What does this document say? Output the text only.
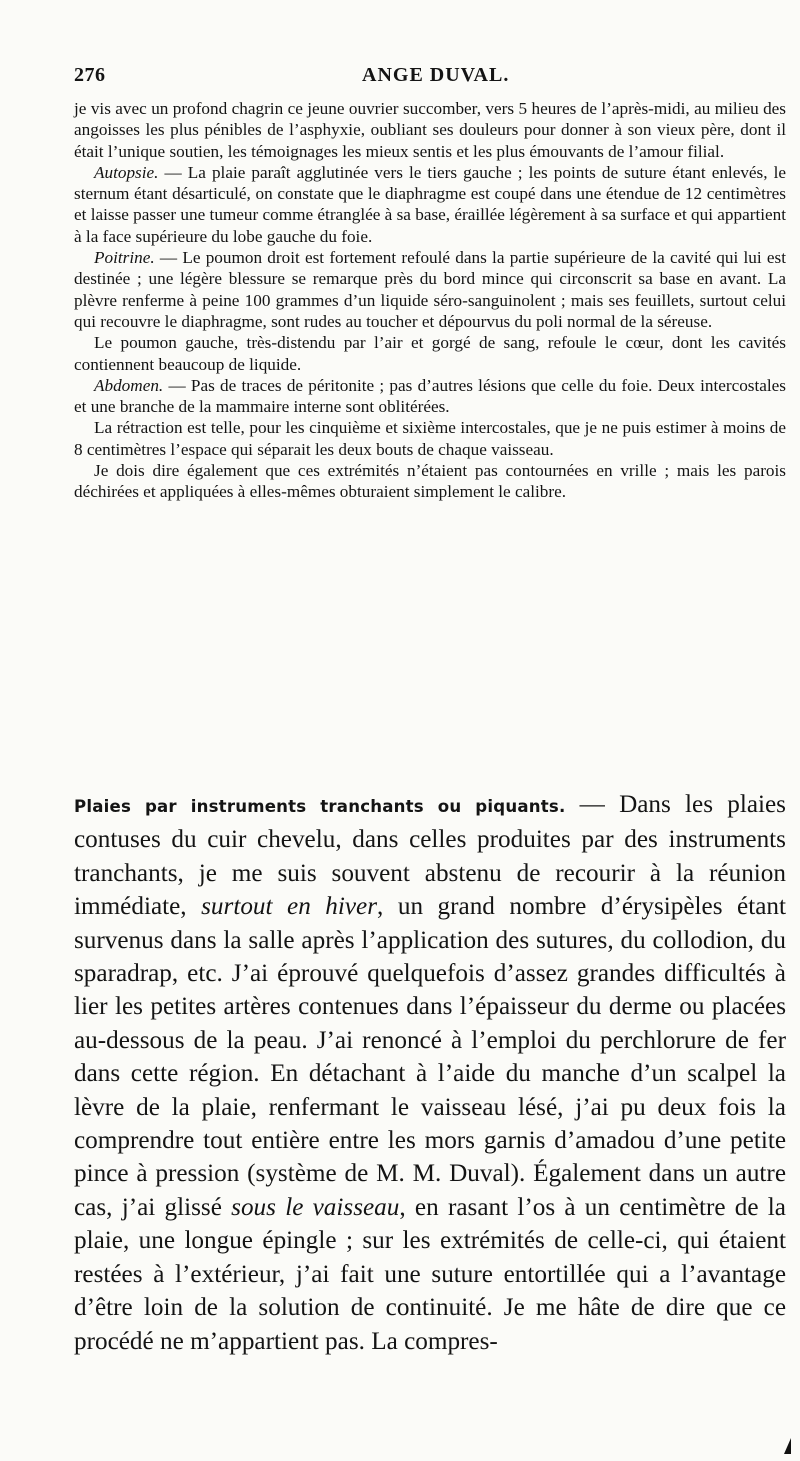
276	ANGE DUVAL.

je vis avec un profond chagrin ce jeune ouvrier succomber, vers 5 heures de l’après-midi, au milieu des angoisses les plus pénibles de l’asphyxie, oubliant ses douleurs pour donner à son vieux père, dont il était l’unique soutien, les témoignages les mieux sentis et les plus émouvants de l’amour filial.

Autopsie. — La plaie paraît agglutinée vers le tiers gauche ; les points de suture étant enlevés, le sternum étant désarticulé, on constate que le diaphragme est coupé dans une étendue de 12 centimètres et laisse passer une tumeur comme étranglée à sa base, éraillée légèrement à sa surface et qui appartient à la face supérieure du lobe gauche du foie.

Poitrine. — Le poumon droit est fortement refoulé dans la partie supérieure de la cavité qui lui est destinée ; une légère blessure se remarque près du bord mince qui circonscrit sa base en avant. La plèvre renferme à peine 100 grammes d’un liquide séro-sanguinolent ; mais ses feuillets, surtout celui qui recouvre le diaphragme, sont rudes au toucher et dépourvus du poli normal de la séreuse.

Le poumon gauche, très-distendu par l’air et gorgé de sang, refoule le cœur, dont les cavités contiennent beaucoup de liquide.

Abdomen. — Pas de traces de péritonite ; pas d’autres lésions que celle du foie. Deux intercostales et une branche de la mammaire interne sont oblitérées.

La rétraction est telle, pour les cinquième et sixième intercostales, que je ne puis estimer à moins de 8 centimètres l’espace qui séparait les deux bouts de chaque vaisseau.

Je dois dire également que ces extrémités n’étaient pas contournées en vrille ; mais les parois déchirées et appliquées à elles-mêmes obturaient simplement le calibre.

Plaies par instruments tranchants ou piquants. — Dans les plaies contuses du cuir chevelu, dans celles produites par des instruments tranchants, je me suis souvent abstenu de recourir à la réunion immédiate, surtout en hiver, un grand nombre d’érysipèles étant survenus dans la salle après l’application des sutures, du collodion, du sparadrap, etc. J’ai éprouvé quelquefois d’assez grandes difficultés à lier les petites artères contenues dans l’épaisseur du derme ou placées au-dessous de la peau. J’ai renoncé à l’emploi du perchlorure de fer dans cette région. En détachant à l’aide du manche d’un scalpel la lèvre de la plaie, renfermant le vaisseau lésé, j’ai pu deux fois la comprendre tout entière entre les mors garnis d’amadou d’une petite pince à pression (système de M. M. Duval). Également dans un autre cas, j’ai glissé sous le vaisseau, en rasant l’os à un centimètre de la plaie, une longue épingle ; sur les extrémités de celle-ci, qui étaient restées à l’extérieur, j’ai fait une suture entortillée qui a l’avantage d’être loin de la solution de continuité. Je me hâte de dire que ce procédé ne m’appartient pas. La compres-
